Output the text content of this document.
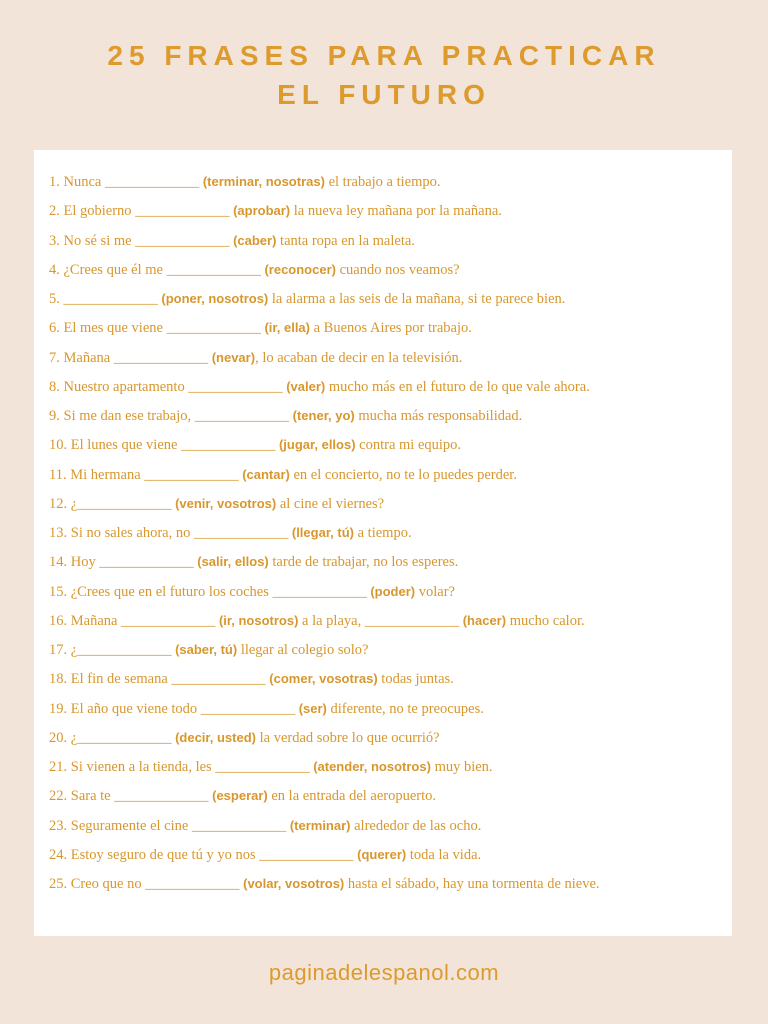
25 FRASES PARA PRACTICAR
EL FUTURO
1. Nunca _____________ (terminar, nosotras) el trabajo a tiempo.
2. El gobierno _____________ (aprobar) la nueva ley mañana por la mañana.
3. No sé si me _____________ (caber) tanta ropa en la maleta.
4. ¿Crees que él me _____________ (reconocer) cuando nos veamos?
5. _____________ (poner, nosotros) la alarma a las seis de la mañana, si te parece bien.
6. El mes que viene _____________ (ir, ella) a Buenos Aires por trabajo.
7. Mañana _____________ (nevar), lo acaban de decir en la televisión.
8. Nuestro apartamento _____________ (valer) mucho más en el futuro de lo que vale ahora.
9. Si me dan ese trabajo, _____________ (tener, yo) mucha más responsabilidad.
10. El lunes que viene _____________ (jugar, ellos) contra mi equipo.
11. Mi hermana _____________ (cantar) en el concierto, no te lo puedes perder.
12. ¿_____________ (venir, vosotros) al cine el viernes?
13. Si no sales ahora, no _____________ (llegar, tú) a tiempo.
14. Hoy _____________ (salir, ellos) tarde de trabajar, no los esperes.
15. ¿Crees que en el futuro los coches _____________ (poder) volar?
16. Mañana _____________ (ir, nosotros) a la playa, _____________ (hacer) mucho calor.
17. ¿_____________ (saber, tú) llegar al colegio solo?
18. El fin de semana _____________ (comer, vosotras) todas juntas.
19. El año que viene todo _____________ (ser) diferente, no te preocupes.
20. ¿_____________ (decir, usted) la verdad sobre lo que ocurrió?
21. Si vienen a la tienda, les _____________ (atender, nosotros) muy bien.
22. Sara te _____________ (esperar) en la entrada del aeropuerto.
23. Seguramente el cine _____________ (terminar) alrededor de las ocho.
24. Estoy seguro de que tú y yo nos _____________ (querer) toda la vida.
25. Creo que no _____________ (volar, vosotros) hasta el sábado, hay una tormenta de nieve.
paginadelespanol.com
